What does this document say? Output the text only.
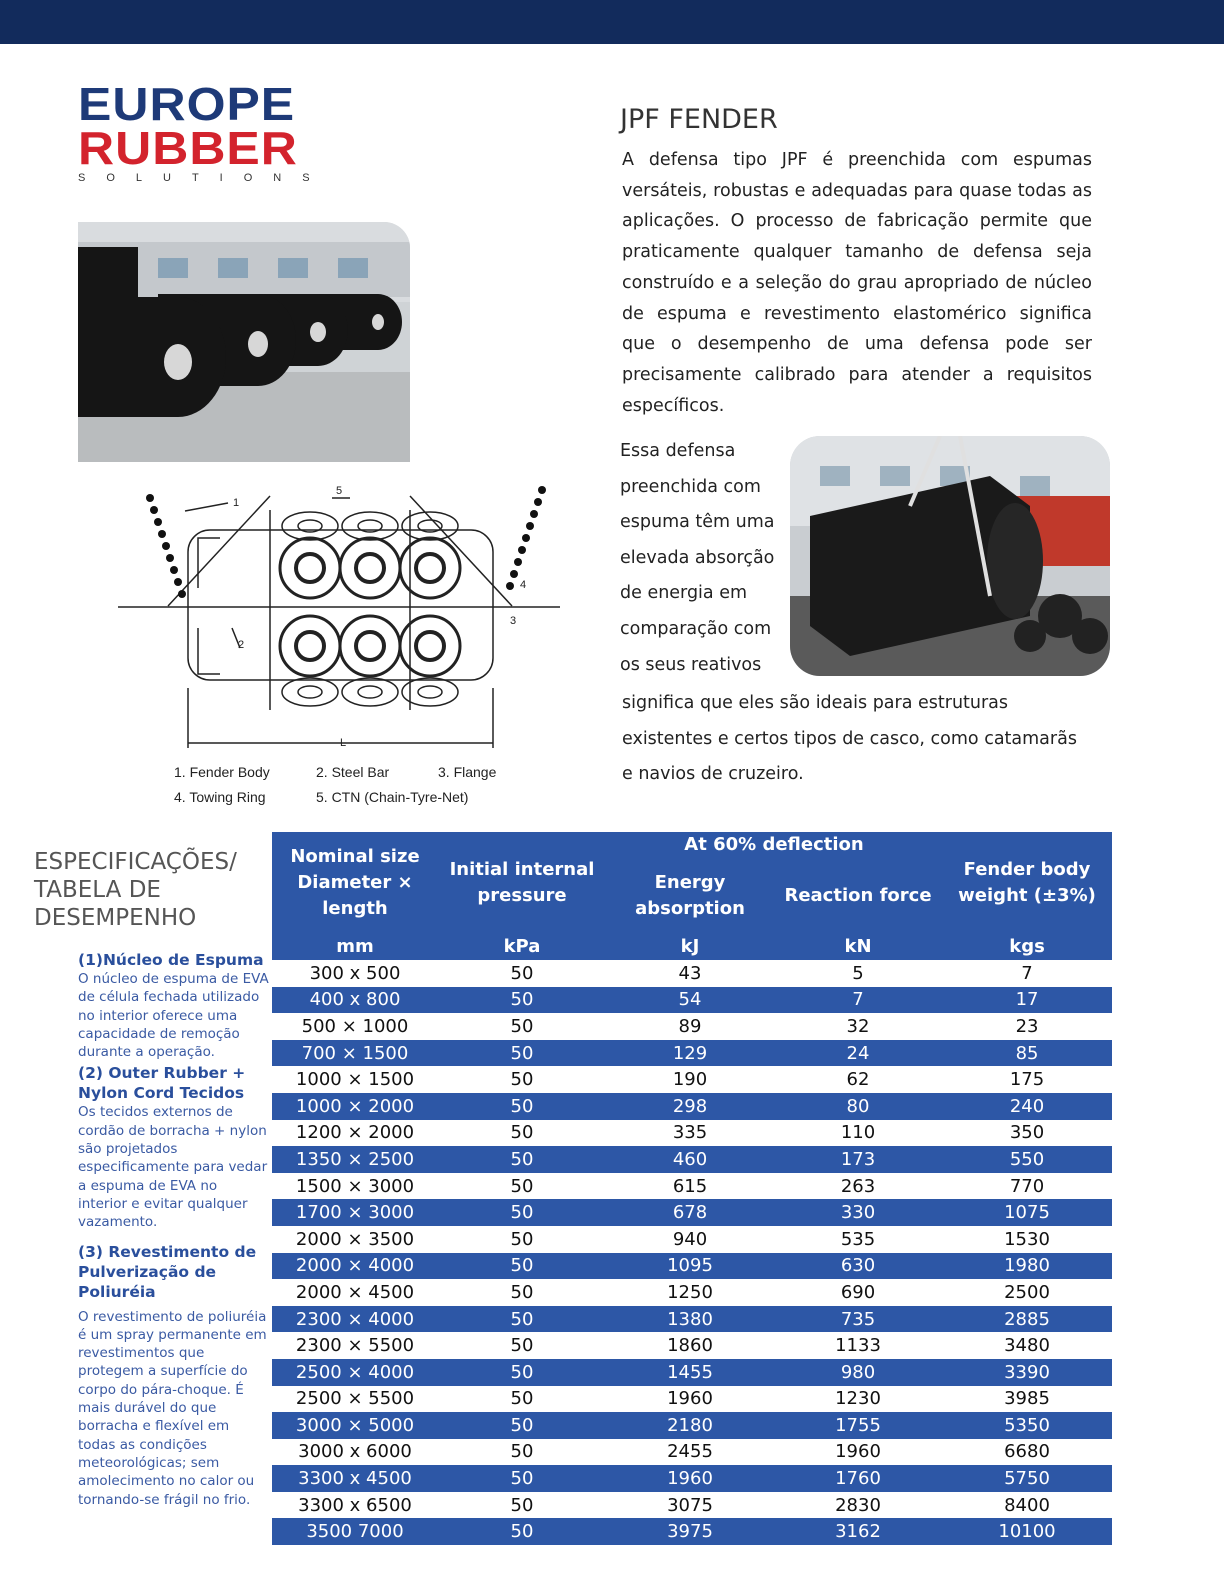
EUROPE
RUBBER
SOLUTIONS
1
2
3
4
5
L
1. Fender Body	2. Steel Bar	3. Flange
4. Towing Ring	5. CTN (Chain-Tyre-Net)
JPF FENDER
A defensa tipo JPF é preenchida com espumas versáteis, robustas e adequadas para quase todas as aplicações. O processo de fabricação permite que praticamente qualquer tamanho de defensa seja construído e a seleção do grau apropriado de núcleo de espuma e revestimento elastomérico significa que o desempenho de uma defensa pode ser precisamente calibrado para atender a requisitos específicos.
Essa defensa preenchida com espuma têm uma elevada absorção de energia em comparação com os seus reativos
significa que eles são ideais para estruturas existentes e certos tipos de casco, como catamarãs e navios de cruzeiro.
ESPECIFICAÇÕES/ TABELA DE DESEMPENHO
(1)Núcleo de Espuma
O núcleo de espuma de EVA de célula fechada utilizado no interior oferece uma capacidade de remoção durante a operação.
(2) Outer Rubber + Nylon Cord Tecidos
Os tecidos externos de cordão de borracha + nylon são projetados especificamente para vedar a espuma de EVA no interior e evitar qualquer vazamento.
(3) Revestimento de Pulverização de Poliuréia
O revestimento de poliuréia é um spray permanente em revestimentos que protegem a superfície do corpo do pára-choque. É mais durável do que borracha e flexível em todas as condições meteorológicas; sem amolecimento no calor ou tornando-se frágil no frio.
Nominal size Diameter × length	Initial internal pressure	At 60% deflection		Fender body weight (±3%)
		Energy absorption	Reaction force	
mm	kPa	kJ	kN	kgs
300 x 500	50	43	5	7
400 x 800	50	54	7	17
500 × 1000	50	89	32	23
700 × 1500	50	129	24	85
1000 × 1500	50	190	62	175
1000 × 2000	50	298	80	240
1200 × 2000	50	335	110	350
1350 × 2500	50	460	173	550
1500 × 3000	50	615	263	770
1700 × 3000	50	678	330	1075
2000 × 3500	50	940	535	1530
2000 × 4000	50	1095	630	1980
2000 × 4500	50	1250	690	2500
2300 × 4000	50	1380	735	2885
2300 × 5500	50	1860	1133	3480
2500 × 4000	50	1455	980	3390
2500 × 5500	50	1960	1230	3985
3000 × 5000	50	2180	1755	5350
3000 x 6000	50	2455	1960	6680
3300 x 4500	50	1960	1760	5750
3300 x 6500	50	3075	2830	8400
3500 7000	50	3975	3162	10100
